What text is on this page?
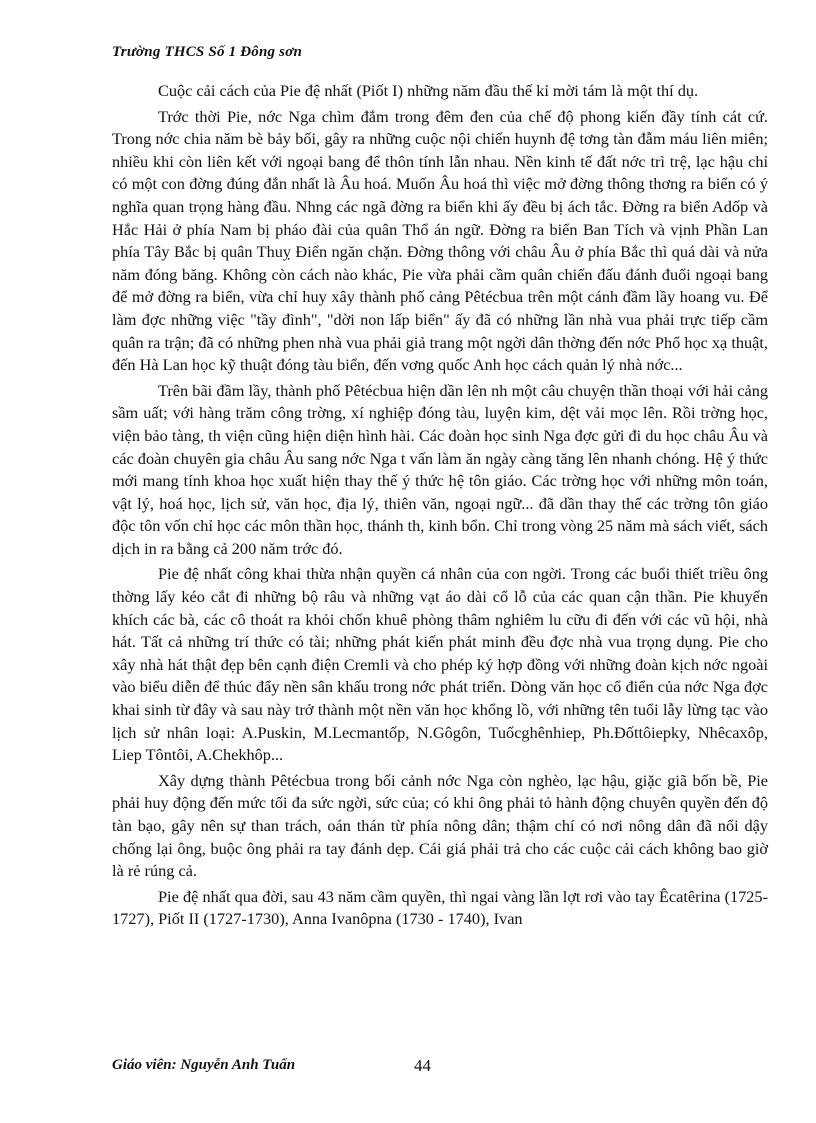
Trường THCS Số 1 Đông sơn

Cuộc cải cách của Pie đệ nhất (Piốt I) những năm đầu thế kỉ mời tám là một thí dụ.

Trớc thời Pie, nớc Nga chìm đắm trong đêm đen của chế độ phong kiến đầy tính cát cứ. Trong nớc chia năm bè bảy bối, gây ra những cuộc nội chiến huynh đệ tơng tàn đẫm máu liên miên; nhiều khi còn liên kết với ngoại bang để thôn tính lẫn nhau. Nền kinh tế đất nớc trì trệ, lạc hậu chỉ có một con đờng đúng đắn nhất là Âu hoá. Muốn Âu hoá thì việc mở đờng thông thơng ra biển có ý nghĩa quan trọng hàng đầu. Nhng các ngã đờng ra biển khi ấy đều bị ách tắc. Đờng ra biển Adốp và Hắc Hải ở phía Nam bị pháo đài của quân Thổ án ngữ. Đờng ra biển Ban Tích và vịnh Phần Lan phía Tây Bắc bị quân Thuỵ Điển ngăn chặn. Đờng thông với châu Âu ở phía Bắc thì quá dài và nửa năm đóng băng. Không còn cách nào khác, Pie vừa phải cầm quân chiến đấu đánh đuổi ngoại bang để mở đờng ra biển, vừa chỉ huy xây thành phố cảng Pêtécbua trên một cánh đầm lầy hoang vu. Để làm đợc những việc "tầy đình", "dời non lấp biển" ấy đã có những lần nhà vua phải trực tiếp cầm quân ra trận; đã có những phen nhà vua phải giả trang một ngời dân thờng đến nớc Phổ học xạ thuật, đến Hà Lan học kỹ thuật đóng tàu biển, đến vơng quốc Anh học cách quản lý nhà nớc...

Trên bãi đầm lầy, thành phố Pêtécbua hiện dần lên nh một câu chuyện thần thoại với hải cảng sầm uất; với hàng trăm công trờng, xí nghiệp đóng tàu, luyện kim, dệt vải mọc lên. Rồi trờng học, viện bảo tàng, th viện cũng hiện diện hình hài. Các đoàn học sinh Nga đợc gửi đi du học châu Âu và các đoàn chuyên gia châu Âu sang nớc Nga t vấn làm ăn ngày càng tăng lên nhanh chóng. Hệ ý thức mới mang tính khoa học xuất hiện thay thế ý thức hệ tôn giáo. Các trờng học với những môn toán, vật lý, hoá học, lịch sử, văn học, địa lý, thiên văn, ngoại ngữ... đã dần thay thế các trờng tôn giáo độc tôn vốn chỉ học các môn thần học, thánh th, kinh bổn. Chỉ trong vòng 25 năm mà sách viết, sách dịch in ra bằng cả 200 năm trớc đó.

Pie đệ nhất công khai thừa nhận quyền cá nhân của con ngời. Trong các buổi thiết triều ông thờng lấy kéo cắt đi những bộ râu và những vạt áo dài cổ lỗ của các quan cận thần. Pie khuyến khích các bà, các cô thoát ra khỏi chốn khuê phòng thâm nghiêm lu cữu đi đến với các vũ hội, nhà hát. Tất cả những trí thức có tài; những phát kiến phát minh đều đợc nhà vua trọng dụng. Pie cho xây nhà hát thật đẹp bên cạnh điện Cremli và cho phép ký hợp đồng với những đoàn kịch nớc ngoài vào biểu diễn để thúc đẩy nền sân khấu trong nớc phát triển. Dòng văn học cổ điển của nớc Nga đợc khai sinh từ đây và sau này trở thành một nền văn học khổng lồ, với những tên tuổi lẫy lừng tạc vào lịch sử nhân loại: A.Puskin, M.Lecmantốp, N.Gôgôn, Tuốcghênhiep, Ph.Đốttôiepky, Nhêcaxôp, Liep Tôntôi, A.Chekhôp...

Xây dựng thành Pêtécbua trong bối cảnh nớc Nga còn nghèo, lạc hậu, giặc giã bốn bề, Pie phải huy động đến mức tối đa sức ngời, sức của; có khi ông phải tỏ hành động chuyên quyền đến độ tàn bạo, gây nên sự than trách, oán thán từ phía nông dân; thậm chí có nơi nông dân đã nổi dậy chống lại ông, buộc ông phải ra tay đánh dẹp. Cái giá phải trả cho các cuộc cải cách không bao giờ là rẻ rúng cả.

Pie đệ nhất qua đời, sau 43 năm cầm quyền, thì ngai vàng lần lợt rơi vào tay Êcatêrina (1725-1727), Piốt II (1727-1730), Anna Ivanôpna (1730 - 1740), Ivan

Giáo viên: Nguyễn Anh Tuấn	44
